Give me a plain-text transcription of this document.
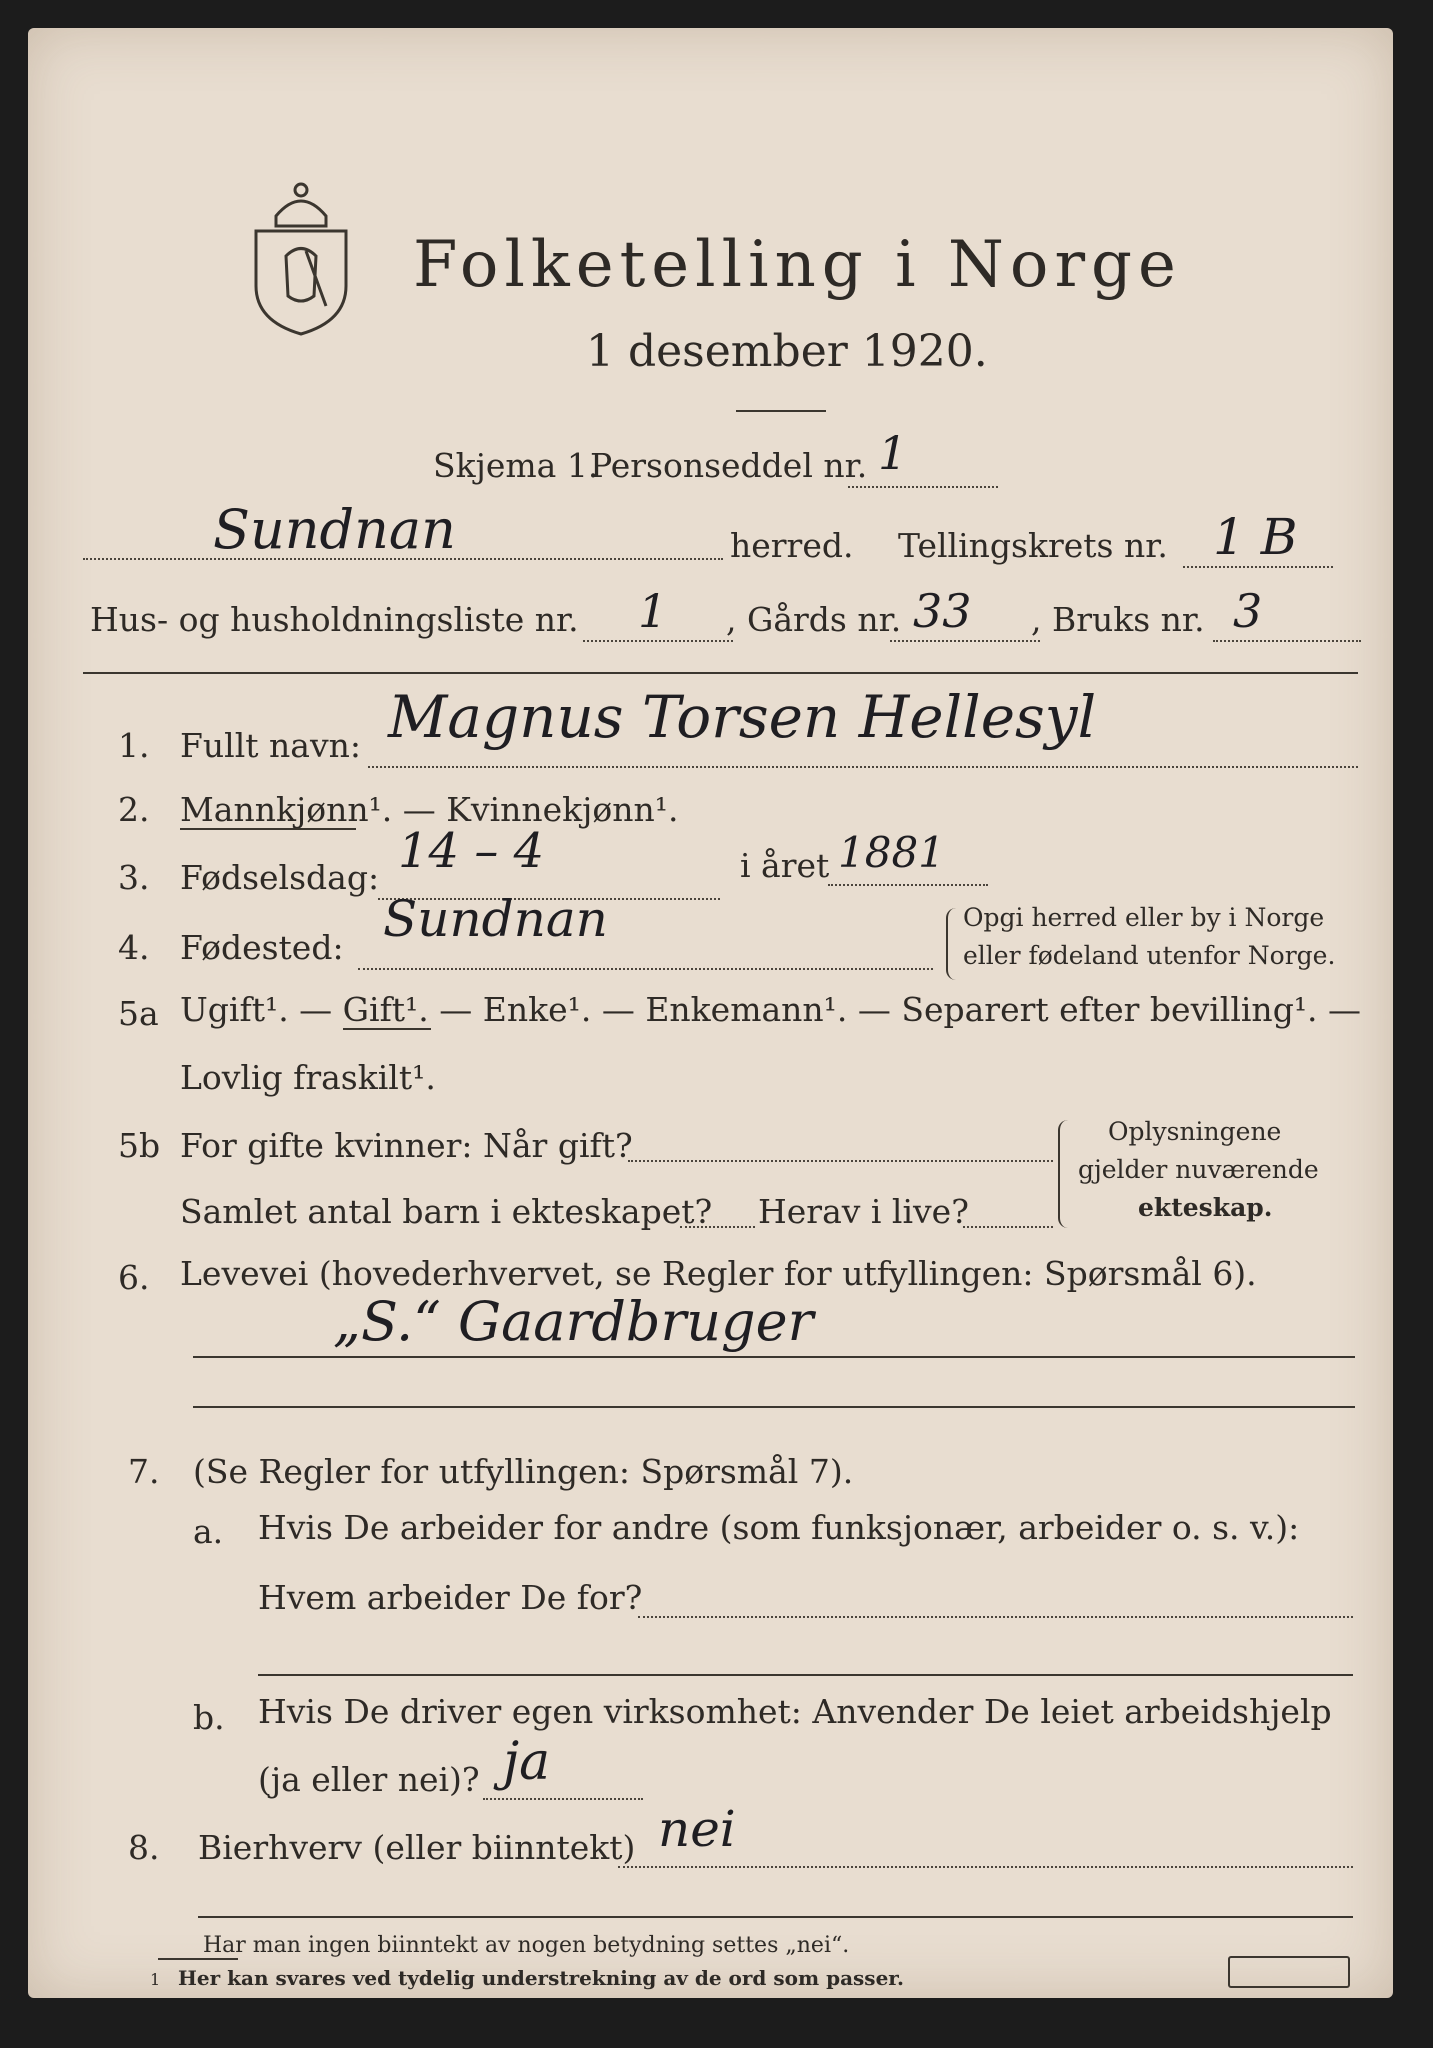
Folketelling i Norge
1 desember 1920.
Skjema 1.
Personseddel nr. 1
Sundnan	herred. Tellingskrets nr. 1 B
Hus- og husholdningsliste nr. 1 , Gårds nr. 33 , Bruks nr. 3
1. Fullt navn: Magnus Torsen Hellesyl
2. Mannkjønn¹. — Kvinnekjønn¹.
3. Fødselsdag: 14 – 4	i året 1881
4. Fødested: Sundnan	Opgi herred eller by i Norge
eller fødeland utenfor Norge.
5a Ugift¹. — Gift¹. — Enke¹. — Enkemann¹. — Separert efter bevilling¹. —
Lovlig fraskilt¹.
5b For gifte kvinner: Når gift?
Samlet antal barn i ekteskapet? Herav i live?
Oplysningene
gjelder nuværende
ekteskap.
6. Levevei (hovederhvervet, se Regler for utfyllingen: Spørsmål 6).
„S.“ Gaardbruger
7. (Se Regler for utfyllingen: Spørsmål 7).
a. Hvis De arbeider for andre (som funksjonær, arbeider o. s. v.):
Hvem arbeider De for?
b. Hvis De driver egen virksomhet: Anvender De leiet arbeidshjelp
(ja eller nei)? ja
8. Bierhverv (eller biinntekt) nei
Har man ingen biinntekt av nogen betydning settes „nei“.
1 Her kan svares ved tydelig understrekning av de ord som passer.
